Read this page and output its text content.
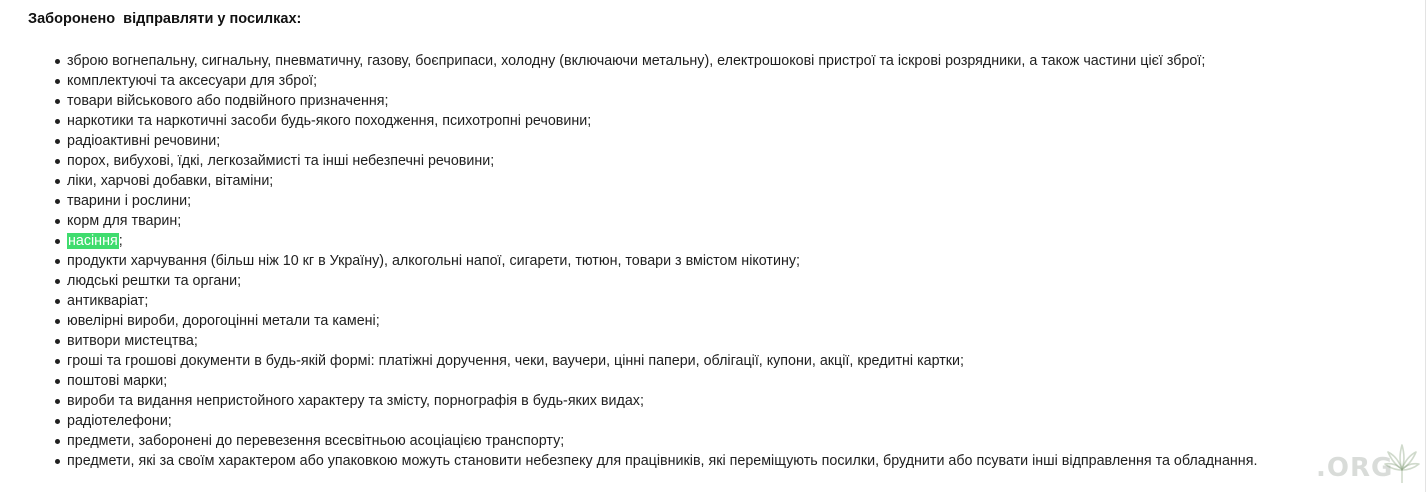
Заборонено  відправляти у посилках:
зброю вогнепальну, сигнальну, пневматичну, газову, боєприпаси, холодну (включаючи метальну), електрошокові пристрої та іскрові розрядники, а також частини цієї зброї;
комплектуючі та аксесуари для зброї;
товари військового або подвійного призначення;
наркотики та наркотичні засоби будь-якого походження, психотропні речовини;
радіоактивні речовини;
порох, вибухові, їдкі, легкозаймисті та інші небезпечні речовини;
ліки, харчові добавки, вітаміни;
тварини і рослини;
корм для тварин;
насіння;
продукти харчування (більш ніж 10 кг в Україну), алкогольні напої, сигарети, тютюн, товари з вмістом нікотину;
людські рештки та органи;
антикваріат;
ювелірні вироби, дорогоцінні метали та камені;
витвори мистецтва;
гроші та грошові документи в будь-якій формі: платіжні доручення, чеки, ваучери, цінні папери, облігації, купони, акції, кредитні картки;
поштові марки;
вироби та видання непристойного характеру та змісту, порнографія в будь-яких видах;
радіотелефони;
предмети, заборонені до перевезення всесвітньою асоціацією транспорту;
предмети, які за своїм характером або упаковкою можуть становити небезпеку для працівників, які переміщують посилки, бруднити або псувати інші відправлення та обладнання. .ORG
